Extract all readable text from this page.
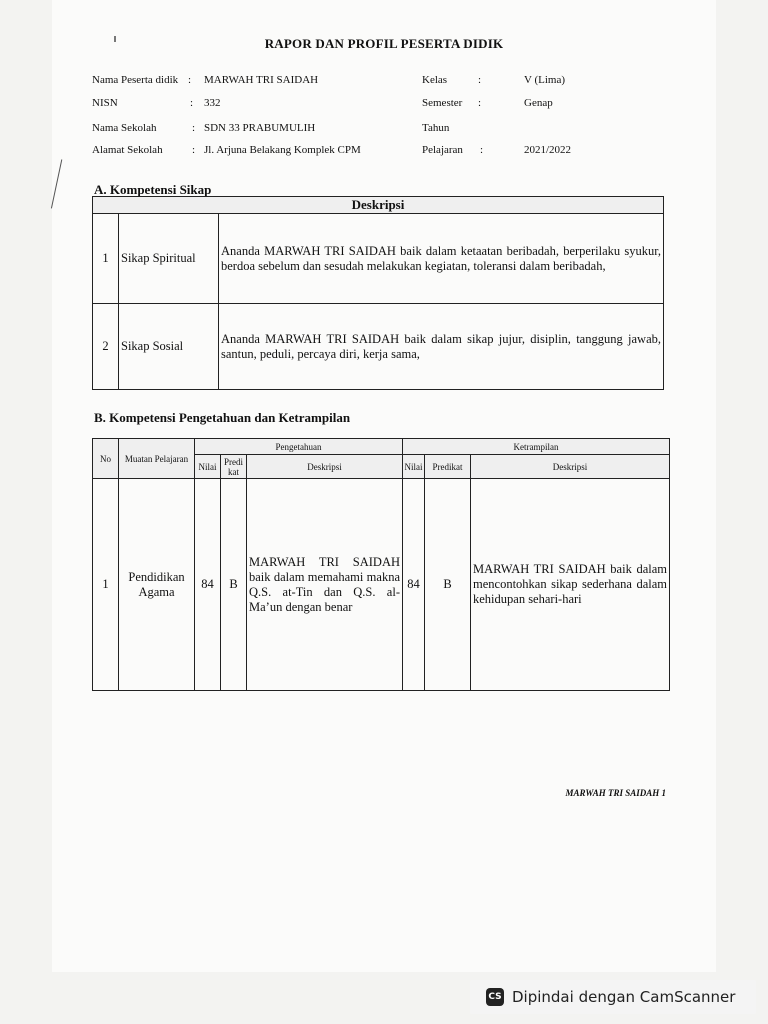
RAPOR DAN PROFIL PESERTA DIDIK
Nama Peserta didik : MARWAH TRI SAIDAH
NISN	: 332
Nama Sekolah	: SDN 33 PRABUMULIH
Alamat Sekolah	: Jl. Arjuna Belakang Komplek CPM
Kelas	:	V (Lima)
Semester :	Genap
Tahun
Pelajaran :	2021/2022
A. Kompetensi Sikap
Deskripsi		
1	Sikap Spiritual	Ananda MARWAH TRI SAIDAH baik dalam ketaatan beribadah, berperilaku syukur, berdoa sebelum dan sesudah melakukan kegiatan, toleransi dalam beribadah,
2	Sikap Sosial	Ananda MARWAH TRI SAIDAH baik dalam sikap jujur, disiplin, tanggung jawab, santun, peduli, percaya diri, kerja sama,
B. Kompetensi Pengetahuan dan Ketrampilan
No	Muatan Pelajaran	Pengetahuan			Ketrampilan		
		Nilai	Predi kat	Deskripsi	Nilai	Predikat	Deskripsi
1	Pendidikan Agama	84	B	MARWAH TRI SAIDAH baik dalam memahami makna Q.S. at-Tin dan Q.S. al-Ma’un dengan benar	84	B	MARWAH TRI SAIDAH baik dalam mencontohkan sikap sederhana dalam kehidupan sehari-hari
MARWAH TRI SAIDAH 1
CS Dipindai dengan CamScanner
